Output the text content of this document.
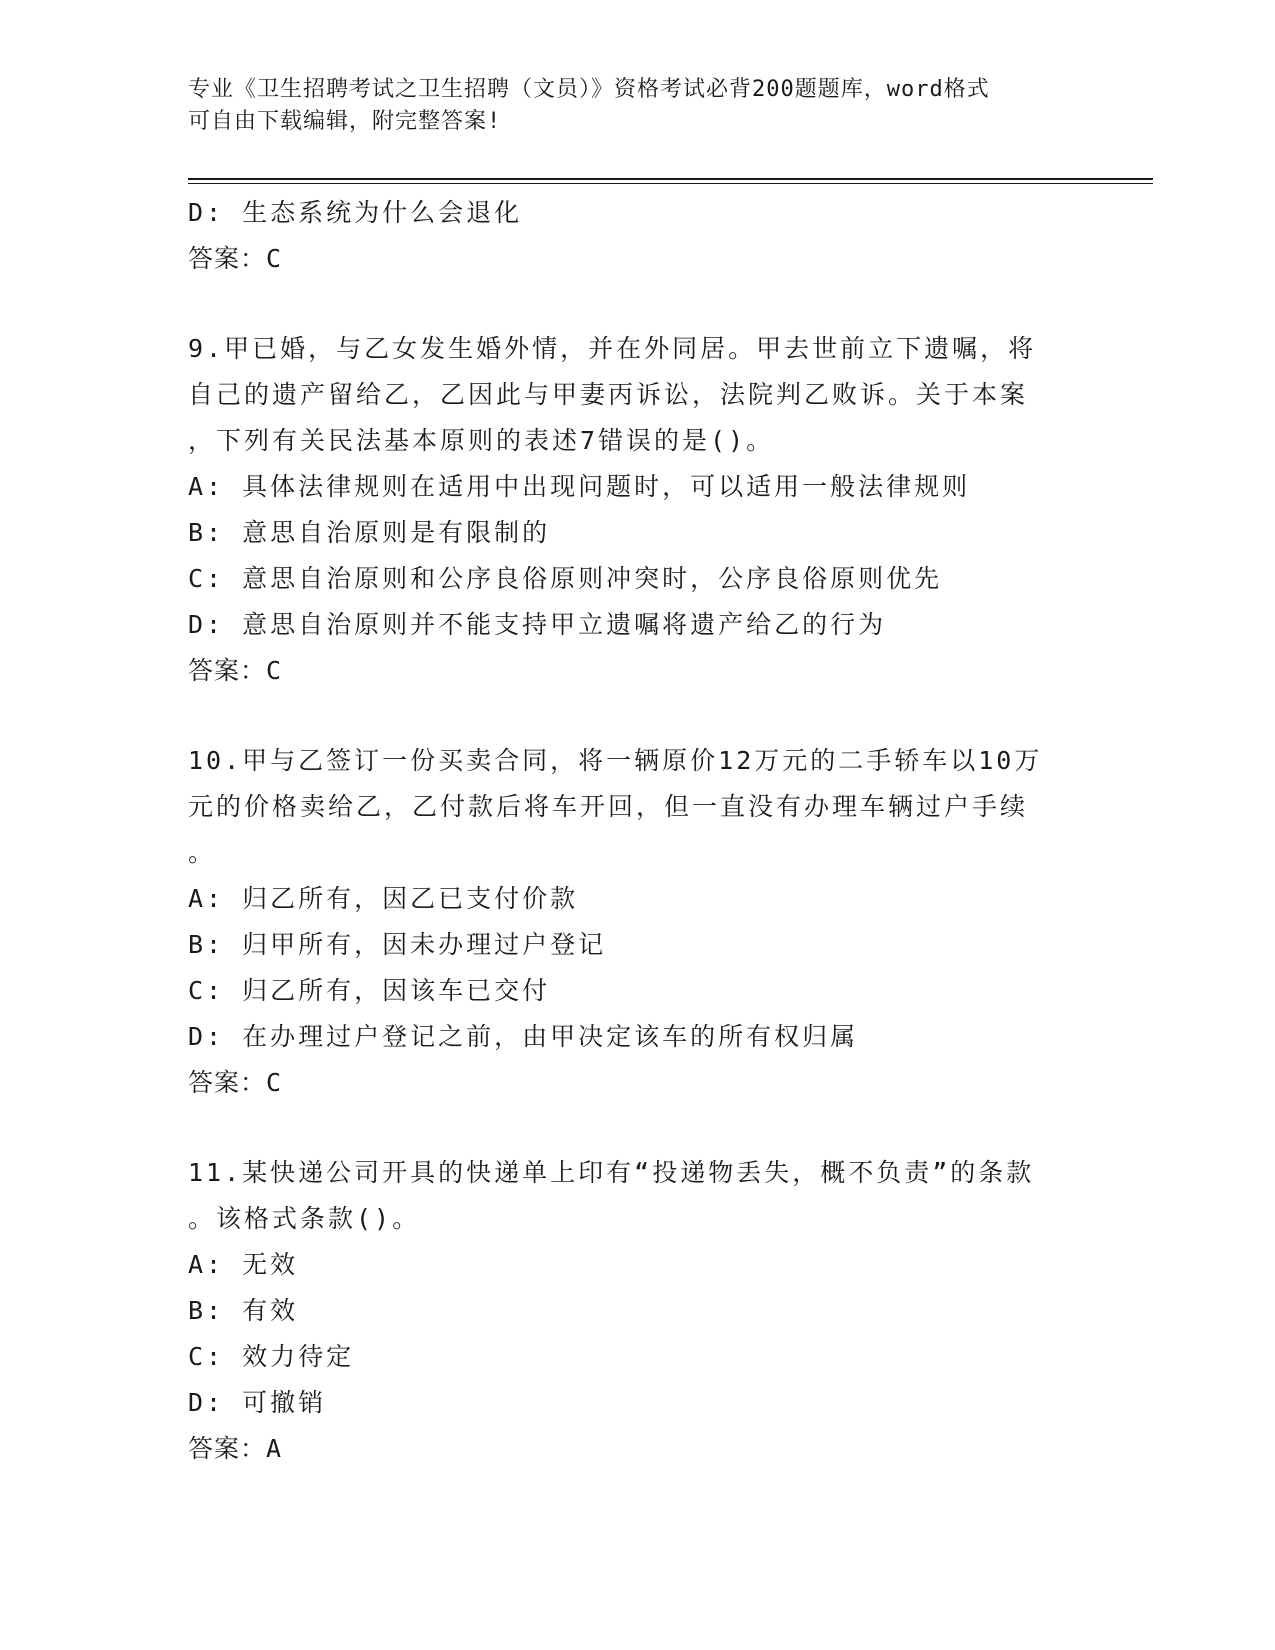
专业《卫生招聘考试之卫生招聘（文员）》资格考试必背200题题库，word格式
可自由下载编辑，附完整答案!
D: 生态系统为什么会退化
答案：C
9.甲已婚，与乙女发生婚外情，并在外同居。甲去世前立下遗嘱，将
自己的遗产留给乙，乙因此与甲妻丙诉讼，法院判乙败诉。关于本案
，下列有关民法基本原则的表述7错误的是()。
A: 具体法律规则在适用中出现问题时，可以适用一般法律规则
B: 意思自治原则是有限制的
C: 意思自治原则和公序良俗原则冲突时，公序良俗原则优先
D: 意思自治原则并不能支持甲立遗嘱将遗产给乙的行为
答案：C
10.甲与乙签订一份买卖合同，将一辆原价12万元的二手轿车以10万
元的价格卖给乙，乙付款后将车开回，但一直没有办理车辆过户手续
。
A: 归乙所有，因乙已支付价款
B: 归甲所有，因未办理过户登记
C: 归乙所有，因该车已交付
D: 在办理过户登记之前，由甲决定该车的所有权归属
答案：C
11.某快递公司开具的快递单上印有“投递物丢失，概不负责”的条款
。该格式条款()。
A: 无效
B: 有效
C: 效力待定
D: 可撤销
答案：A
